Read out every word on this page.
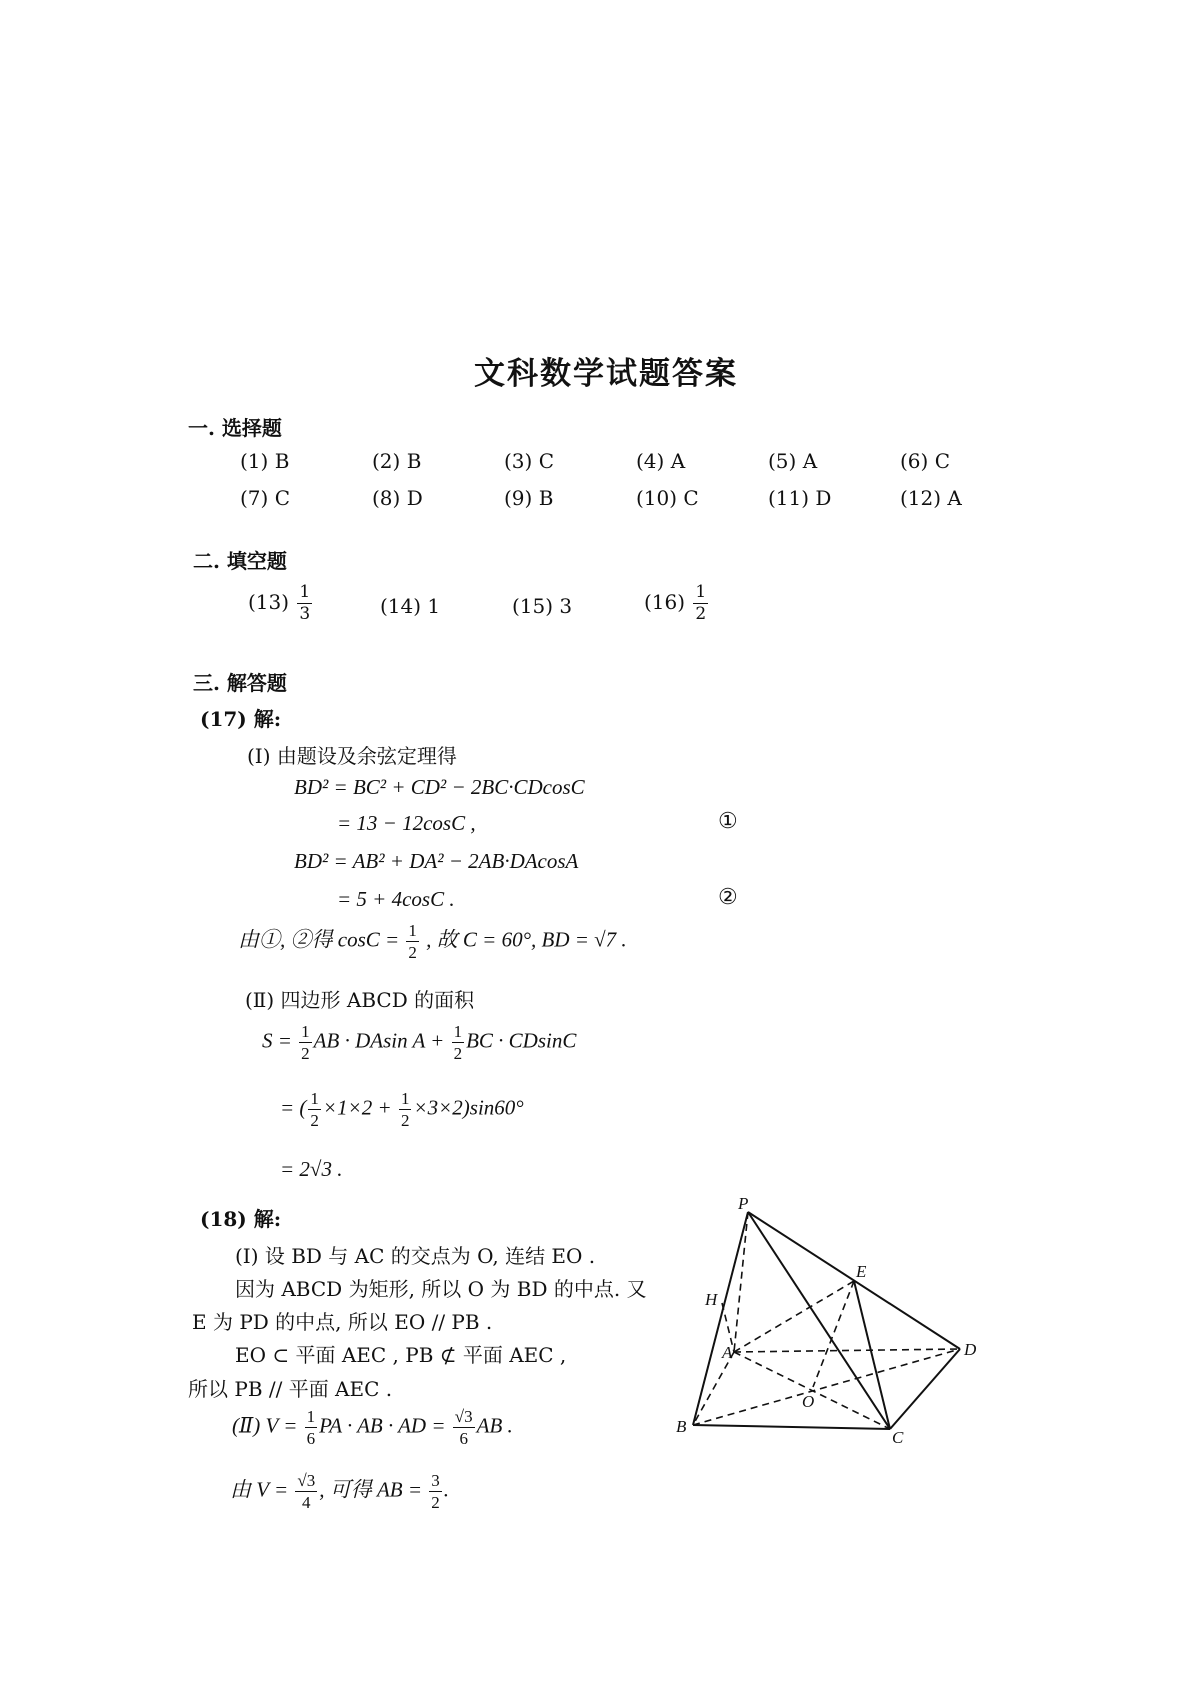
文科数学试题答案
一. 选择题
(1) B	(2) B	(3) C	(4) A	(5) A	(6) C
(7) C	(8) D	(9) B	(10) C	(11) D	(12) A
二. 填空题
$(13) \frac{1}{3}$	(14) 1	(15) 3	$(16) \frac{1}{2}$
三. 解答题
(17) 解:
(Ⅰ) 由题设及余弦定理得
BD² = BC² + CD² − 2BC·CDcosC
= 13 − 12cosC ,	①
BD² = AB² + DA² − 2AB·DAcosA
= 5 + 4cosC .	②
由①, ②得 $\cos C = \frac{1}{2}$ , 故 C = 60°, BD = √7 .
(Ⅱ) 四边形 ABCD 的面积
$S = \frac{1}{2}$ AB · DAsin $A + \frac{1}{2}$ BC · CDsinC
= ( $\frac{1}{2} \times 1\times 2 + \frac{1}{2} \times 3\times 2)\sin 60^\circ$
= 2√3 .
(18) 解:
(Ⅰ) 设 BD 与 AC 的交点为 O, 连结 EO .
因为 ABCD 为矩形, 所以 O 为 BD 的中点. 又
E 为 PD 的中点, 所以 EO // PB .
EO ⊂ 平面 AEC , PB ⊄ 平面 AEC ,
所以 PB // 平面 AEC .
(Ⅱ) $V = \frac{1}{6}$ PA · AB · AD = $\frac{√3}{6}$ AB .
由 $V = \frac{√3}{4}$ , 可得 AB = $\frac{3}{2}$ .
P
H
E
A	D
O
B
C
